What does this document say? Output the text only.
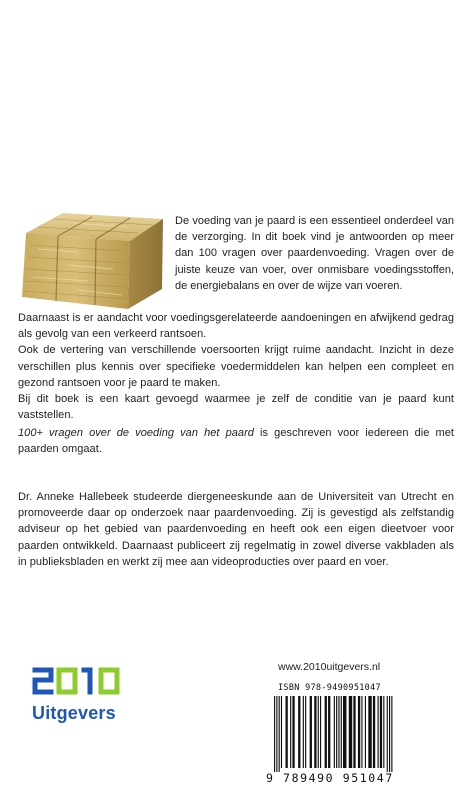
De voeding van je paard is een essentieel onderdeel van de verzorging. In dit boek vind je antwoorden op meer dan 100 vragen over paardenvoeding. Vragen over de juiste keuze van voer, over onmisbare voedingsstoffen, de energiebalans en over de wijze van voeren.

Daarnaast is er aandacht voor voedingsgerelateerde aandoeningen en afwijkend gedrag als gevolg van een verkeerd rantsoen.

Ook de vertering van verschillende voersoorten krijgt ruime aandacht. Inzicht in deze verschillen plus kennis over specifieke voedermiddelen kan helpen een compleet en gezond rantsoen voor je paard te maken.

Bij dit boek is een kaart gevoegd waarmee je zelf de conditie van je paard kunt vaststellen.

100+ vragen over de voeding van het paard is geschreven voor iedereen die met paarden omgaat.

Dr. Anneke Hallebeek studeerde diergeneeskunde aan de Universiteit van Utrecht en promoveerde daar op onderzoek naar paardenvoeding. Zij is gevestigd als zelfstandig adviseur op het gebied van paardenvoeding en heeft ook een eigen dieetvoer voor paarden ontwikkeld. Daarnaast publiceert zij regelmatig in zowel diverse vakbladen als in publieksbladen en werkt zij mee aan videoproducties over paard en voer.

Uitgevers
www.2010uitgevers.nl
ISBN 978-9490951047
9 789490 951047
